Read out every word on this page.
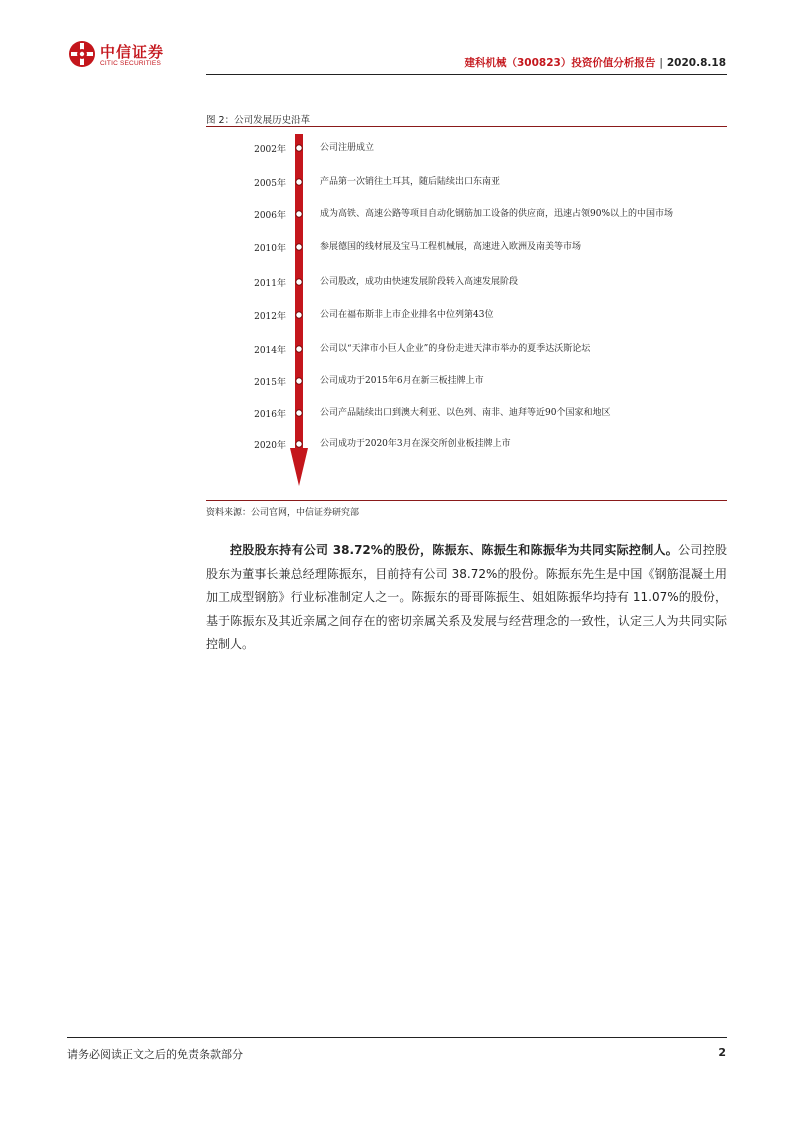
中信证券
CITIC SECURITIES	建科机械（300823）投资价值分析报告 | 2020.8.18
图 2：公司发展历史沿革
2002年	公司注册成立
2005年	产品第一次销往土耳其，随后陆续出口东南亚
2006年	成为高铁、高速公路等项目自动化钢筋加工设备的供应商，迅速占领90%以上的中国市场
2010年	参展德国的线材展及宝马工程机械展，高速进入欧洲及南美等市场
2011年	公司股改，成功由快速发展阶段转入高速发展阶段
2012年	公司在福布斯非上市企业排名中位列第43位
2014年	公司以“天津市小巨人企业”的身份走进天津市举办的夏季达沃斯论坛
2015年	公司成功于2015年6月在新三板挂牌上市
2016年	公司产品陆续出口到澳大利亚、以色列、南非、迪拜等近90个国家和地区
2020年	公司成功于2020年3月在深交所创业板挂牌上市
资料来源：公司官网，中信证券研究部

控股股东持有公司 38.72%的股份，陈振东、陈振生和陈振华为共同实际控制人。公司控股股东为董事长兼总经理陈振东，目前持有公司 38.72%的股份。陈振东先生是中国《钢筋混凝土用加工成型钢筋》行业标准制定人之一。陈振东的哥哥陈振生、姐姐陈振华均持有 11.07%的股份，基于陈振东及其近亲属之间存在的密切亲属关系及发展与经营理念的一致性，认定三人为共同实际控制人。

请务必阅读正文之后的免责条款部分	2
